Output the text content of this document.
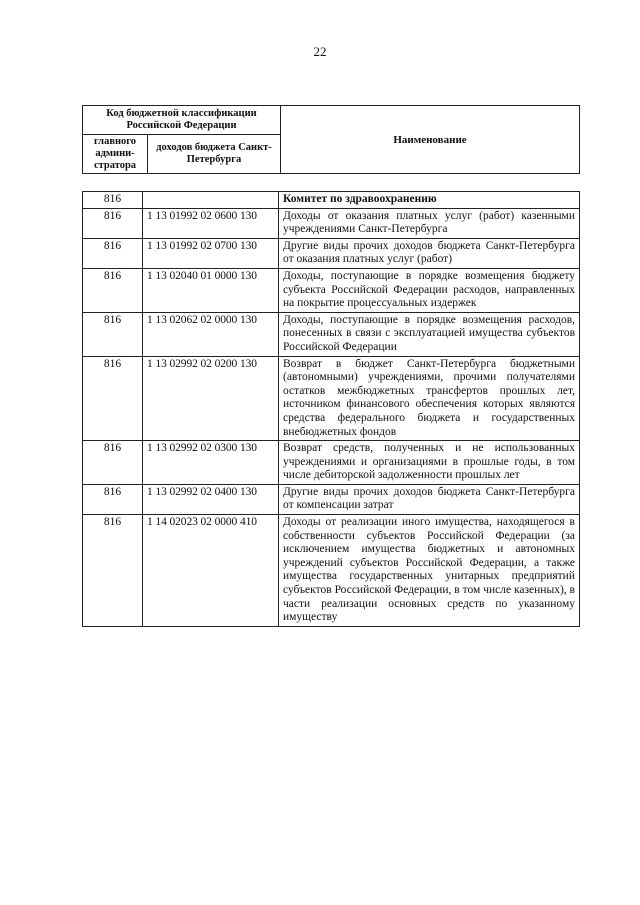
22
Код бюджетной классификации Российской Федерации		Наименование
главного админи-стратора	доходов бюджета Санкт-Петербурга	
816		Комитет по здравоохранению
816	1 13 01992 02 0600 130	Доходы от оказания платных услуг (работ) казенными учреждениями Санкт-Петербурга
816	1 13 01992 02 0700 130	Другие виды прочих доходов бюджета Санкт-Петербурга от оказания платных услуг (работ)
816	1 13 02040 01 0000 130	Доходы, поступающие в порядке возмещения бюджету субъекта Российской Федерации расходов, направленных на покрытие процессуальных издержек
816	1 13 02062 02 0000 130	Доходы, поступающие в порядке возмещения расходов, понесенных в связи с эксплуатацией имущества субъектов Российской Федерации
816	1 13 02992 02 0200 130	Возврат в бюджет Санкт-Петербурга бюджетными (автономными) учреждениями, прочими получателями остатков межбюджетных трансфертов прошлых лет, источником финансового обеспечения которых являются средства федерального бюджета и государственных внебюджетных фондов
816	1 13 02992 02 0300 130	Возврат средств, полученных и не использованных учреждениями и организациями в прошлые годы, в том числе дебиторской задолженности прошлых лет
816	1 13 02992 02 0400 130	Другие виды прочих доходов бюджета Санкт-Петербурга от компенсации затрат
816	1 14 02023 02 0000 410	Доходы от реализации иного имущества, находящегося в собственности субъектов Российской Федерации (за исключением имущества бюджетных и автономных учреждений субъектов Российской Федерации, а также имущества государственных унитарных предприятий субъектов Российской Федерации, в том числе казенных), в части реализации основных средств по указанному имуществу
